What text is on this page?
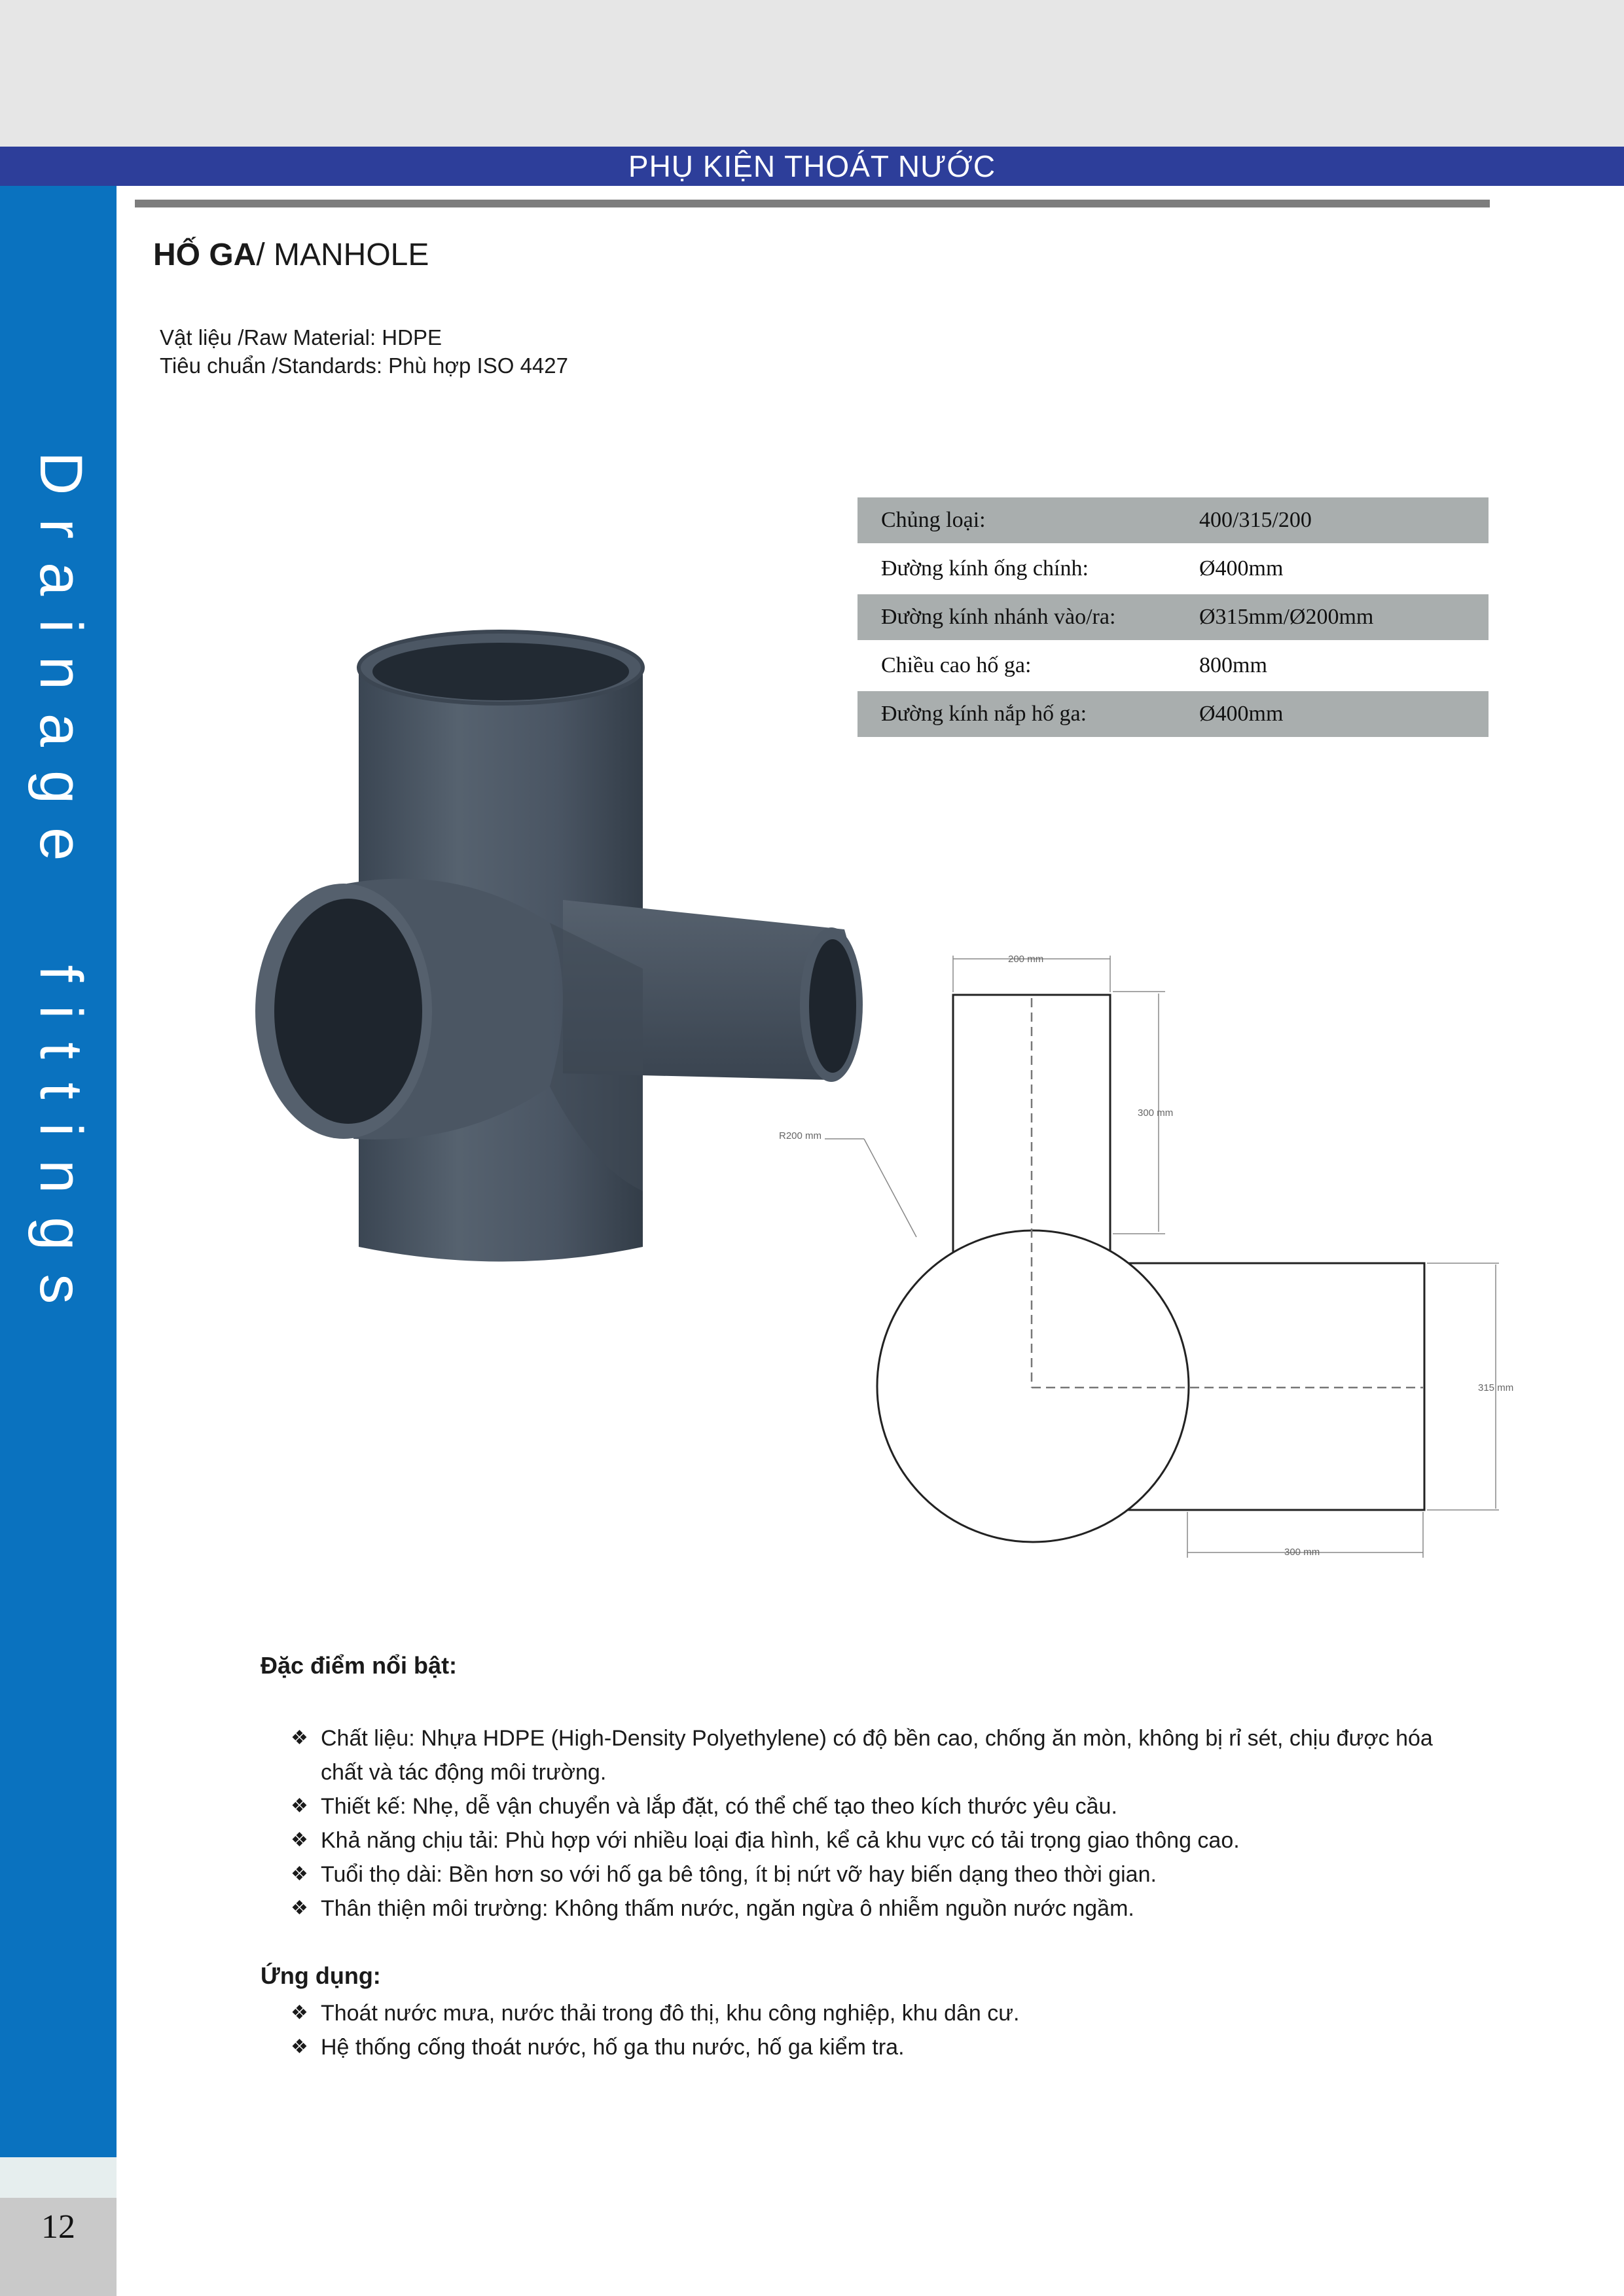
PHỤ KIỆN THOÁT NƯỚC
Drainage  fittings
12
HỐ GA/ MANHOLE
Vật liệu /Raw Material: HDPE
Tiêu chuẩn /Standards: Phù hợp ISO 4427
Chủng loại:	400/315/200
Đường kính ống chính:	Ø400mm
Đường kính nhánh vào/ra:	Ø315mm/Ø200mm
Chiều cao hố ga:	800mm
Đường kính nắp hố ga:	Ø400mm
200 mm
300 mm
R200 mm
315 mm
300 mm
Đặc điểm nổi bật:
❖ Chất liệu: Nhựa HDPE (High-Density Polyethylene) có độ bền cao, chống ăn mòn, không bị rỉ sét, chịu được hóa chất và tác động môi trường.
❖ Thiết kế: Nhẹ, dễ vận chuyển và lắp đặt, có thể chế tạo theo kích thước yêu cầu.
❖ Khả năng chịu tải: Phù hợp với nhiều loại địa hình, kể cả khu vực có tải trọng giao thông cao.
❖ Tuổi thọ dài: Bền hơn so với hố ga bê tông, ít bị nứt vỡ hay biến dạng theo thời gian.
❖ Thân thiện môi trường: Không thấm nước, ngăn ngừa ô nhiễm nguồn nước ngầm.
Ứng dụng:
❖ Thoát nước mưa, nước thải trong đô thị, khu công nghiệp, khu dân cư.
❖ Hệ thống cống thoát nước, hố ga thu nước, hố ga kiểm tra.
